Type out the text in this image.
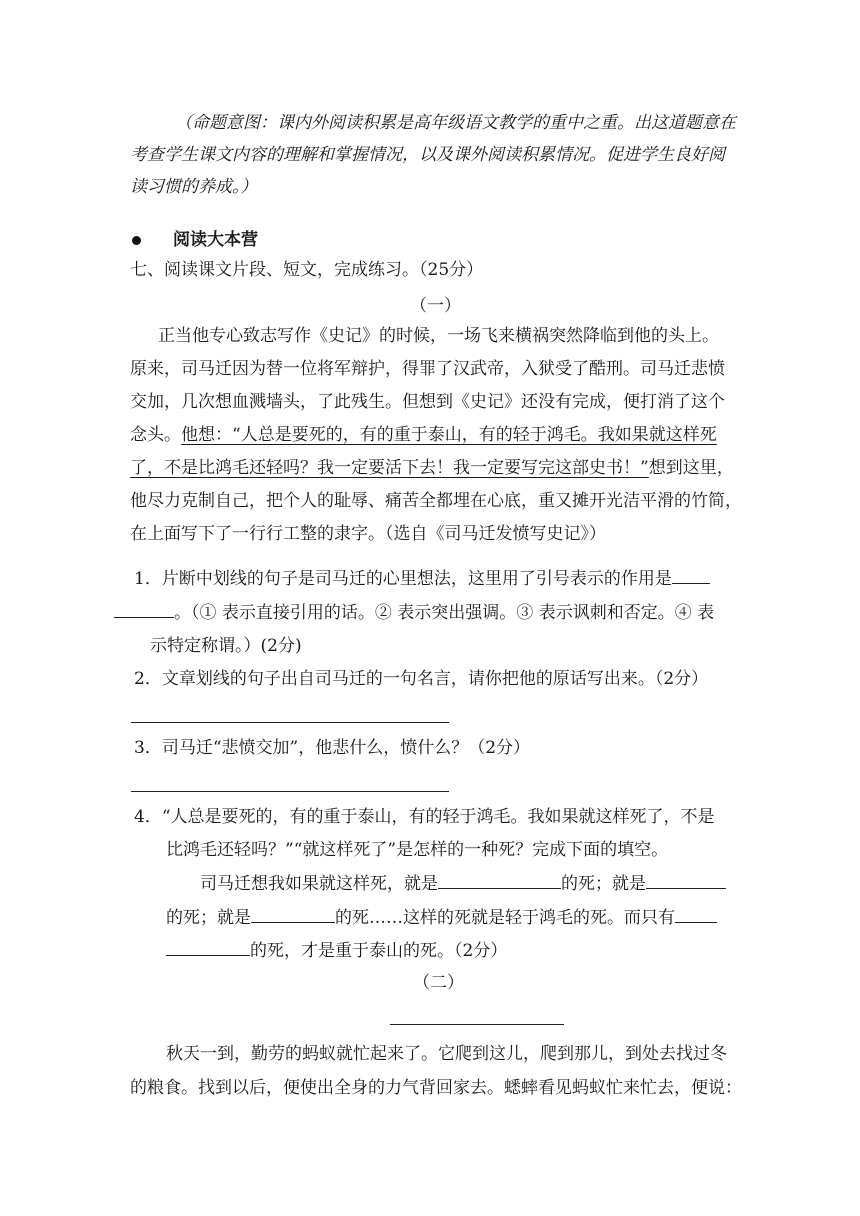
（命题意图：课内外阅读积累是高年级语文教学的重中之重。出这道题意在
考查学生课文内容的理解和掌握情况，以及课外阅读积累情况。促进学生良好阅
读习惯的养成。）
阅读大本营
七、阅读课文片段、短文，完成练习。（25分）
（一）
正当他专心致志写作《史记》的时候，一场飞来横祸突然降临到他的头上。
原来，司马迁因为替一位将军辩护，得罪了汉武帝，入狱受了酷刑。司马迁悲愤
交加，几次想血溅墙头，了此残生。但想到《史记》还没有完成，便打消了这个
念头。他想：“人总是要死的，有的重于泰山，有的轻于鸿毛。我如果就这样死
了，不是比鸿毛还轻吗？我一定要活下去！我一定要写完这部史书！”想到这里，
他尽力克制自己，把个人的耻辱、痛苦全都埋在心底，重又摊开光洁平滑的竹简，
在上面写下了一行行工整的隶字。（选自《司马迁发愤写史记》）
1．片断中划线的句子是司马迁的心里想法，这里用了引号表示的作用是
。（① 表示直接引用的话。② 表示突出强调。③ 表示讽刺和否定。④ 表
示特定称谓。）(2分)
2．文章划线的句子出自司马迁的一句名言，请你把他的原话写出来。（2分）
3．司马迁“悲愤交加”，他悲什么，愤什么？（2分）
4．“人总是要死的，有的重于泰山，有的轻于鸿毛。我如果就这样死了，不是
比鸿毛还轻吗？”“就这样死了”是怎样的一种死？完成下面的填空。
司马迁想我如果就这样死，就是	的死；就是
的死；就是	的死……这样的死就是轻于鸿毛的死。而只有
的死，才是重于泰山的死。（2分）
（二）
秋天一到，勤劳的蚂蚁就忙起来了。它爬到这儿，爬到那儿，到处去找过冬
的粮食。找到以后，便使出全身的力气背回家去。蟋蟀看见蚂蚁忙来忙去，便说：
